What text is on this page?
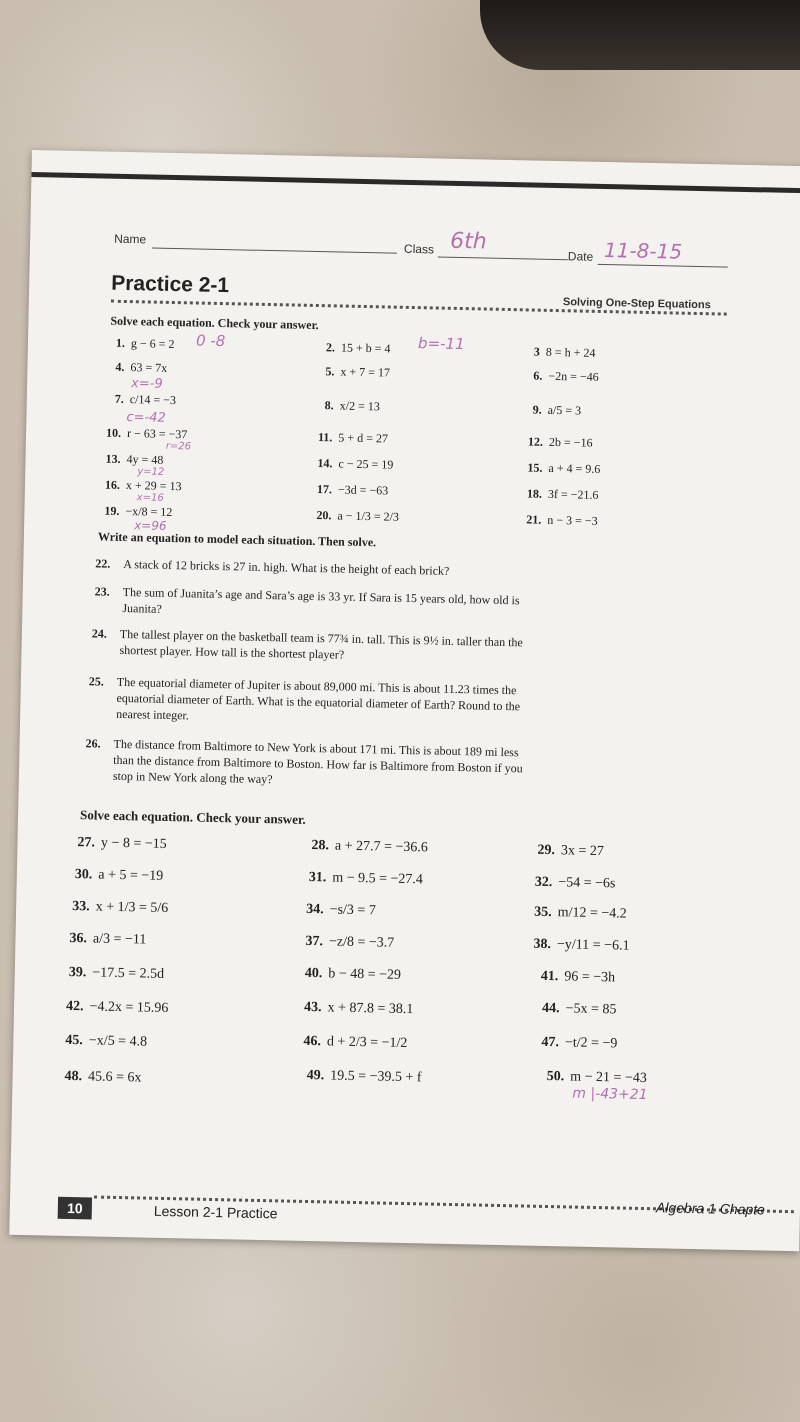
Name
Class 6th
Date 11-8-15
Practice 2-1
Solving One-Step Equations
Solve each equation. Check your answer.
1. g − 6 = 2	2. 15 + b = 4	3 8 = h + 24
4. 63 = 7x	5. x + 7 = 17	6. −2n = −46
7. c/14 = −3	8. x/2 = 13	9. a/5 = 3
10. r − 63 = −37	11. 5 + d = 27	12. 2b = −16
13. 4y = 48	14. c − 25 = 19	15. a + 4 = 9.6
16. x + 29 = 13	17. −3d = −63	18. 3f = −21.6
19. −x/8 = 12	20. a − 1/3 = 2/3	21. n − 3 = −3
0 -8	b=-11
x=-9
c=-42
r=26
y=12
x=16
x=96
Write an equation to model each situation. Then solve.
22. A stack of 12 bricks is 27 in. high. What is the height of each brick?
23. The sum of Juanita’s age and Sara’s age is 33 yr. If Sara is 15 years old, how old is Juanita?
24. The tallest player on the basketball team is 77¾ in. tall. This is 9½ in. taller than the shortest player. How tall is the shortest player?
25. The equatorial diameter of Jupiter is about 89,000 mi. This is about 11.23 times the equatorial diameter of Earth. What is the equatorial diameter of Earth? Round to the nearest integer.
26. The distance from Baltimore to New York is about 171 mi. This is about 189 mi less than the distance from Baltimore to Boston. How far is Baltimore from Boston if you stop in New York along the way?
Solve each equation. Check your answer.
27. y − 8 = −15	28. a + 27.7 = −36.6	29. 3x = 27
30. a + 5 = −19	31. m − 9.5 = −27.4	32. −54 = −6s
33. x + 1/3 = 5/6	34. −s/3 = 7	35. m/12 = −4.2
36. a/3 = −11	37. −z/8 = −3.7	38. −y/11 = −6.1
39. −17.5 = 2.5d	40. b − 48 = −29	41. 96 = −3h
42. −4.2x = 15.96	43. x + 87.8 = 38.1	44. −5x = 85
45. −x/5 = 4.8	46. d + 2/3 = −1/2	47. −t/2 = −9
48. 45.6 = 6x	49. 19.5 = −39.5 + f	50. m − 21 = −43
m |-43+21
10	Lesson 2-1 Practice	Algebra 1 Chapte
